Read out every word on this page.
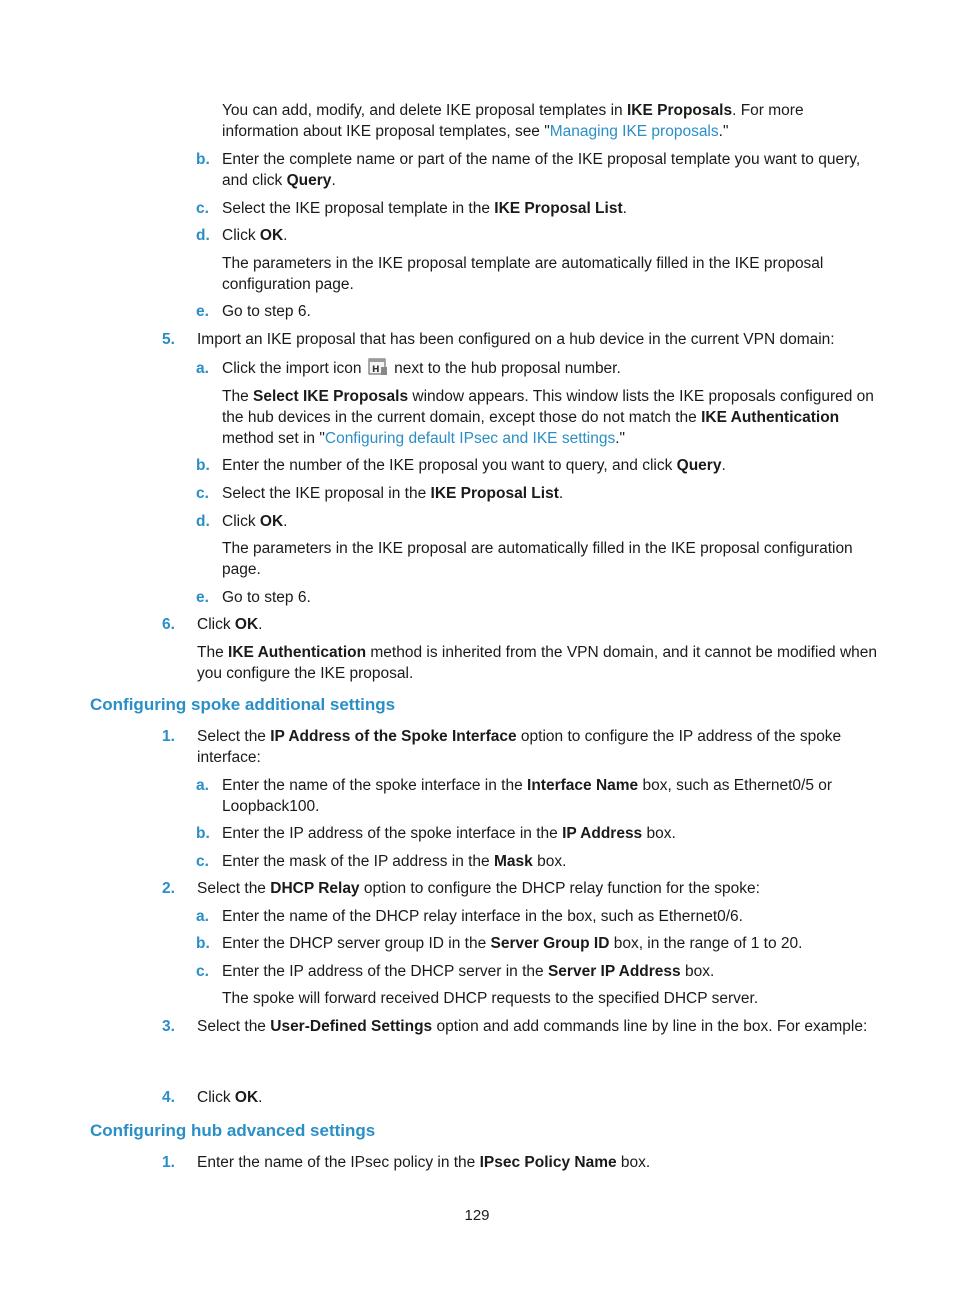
You can add, modify, and delete IKE proposal templates in IKE Proposals. For more
information about IKE proposal templates, see "Managing IKE proposals."
b. Enter the complete name or part of the name of the IKE proposal template you want to query,
and click Query.
c. Select the IKE proposal template in the IKE Proposal List.
d. Click OK.
The parameters in the IKE proposal template are automatically filled in the IKE proposal
configuration page.
e. Go to step 6.
5. Import an IKE proposal that has been configured on a hub device in the current VPN domain:
a. Click the import icon H next to the hub proposal number.
The Select IKE Proposals window appears. This window lists the IKE proposals configured on
the hub devices in the current domain, except those do not match the IKE Authentication
method set in "Configuring default IPsec and IKE settings."
b. Enter the number of the IKE proposal you want to query, and click Query.
c. Select the IKE proposal in the IKE Proposal List.
d. Click OK.
The parameters in the IKE proposal are automatically filled in the IKE proposal configuration
page.
e. Go to step 6.
6. Click OK.
The IKE Authentication method is inherited from the VPN domain, and it cannot be modified when
you configure the IKE proposal.
Configuring spoke additional settings
1. Select the IP Address of the Spoke Interface option to configure the IP address of the spoke
interface:
a. Enter the name of the spoke interface in the Interface Name box, such as Ethernet0/5 or
Loopback100.
b. Enter the IP address of the spoke interface in the IP Address box.
c. Enter the mask of the IP address in the Mask box.
2. Select the DHCP Relay option to configure the DHCP relay function for the spoke:
a. Enter the name of the DHCP relay interface in the box, such as Ethernet0/6.
b. Enter the DHCP server group ID in the Server Group ID box, in the range of 1 to 20.
c. Enter the IP address of the DHCP server in the Server IP Address box.
The spoke will forward received DHCP requests to the specified DHCP server.
3. Select the User-Defined Settings option and add commands line by line in the box. For example:
4. Click OK.
Configuring hub advanced settings
1. Enter the name of the IPsec policy in the IPsec Policy Name box.
129
